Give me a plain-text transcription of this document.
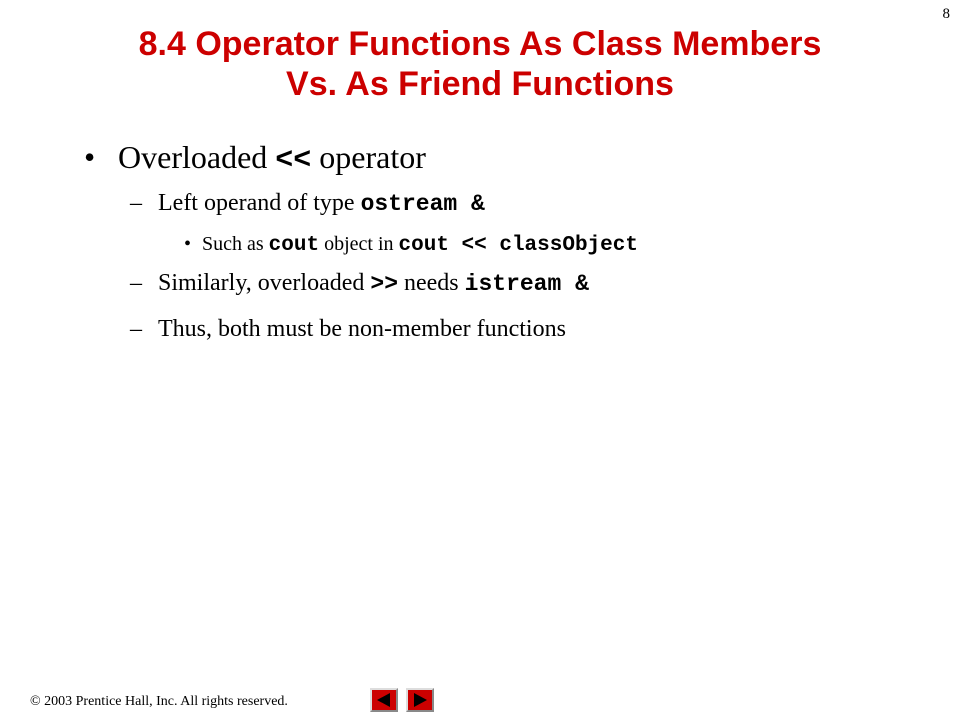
8
8.4 Operator Functions As Class Members
Vs. As Friend Functions
• Overloaded << operator
– Left operand of type ostream &
• Such as cout object in cout << classObject
– Similarly, overloaded >> needs istream &
– Thus, both must be non-member functions
© 2003 Prentice Hall, Inc. All rights reserved.
